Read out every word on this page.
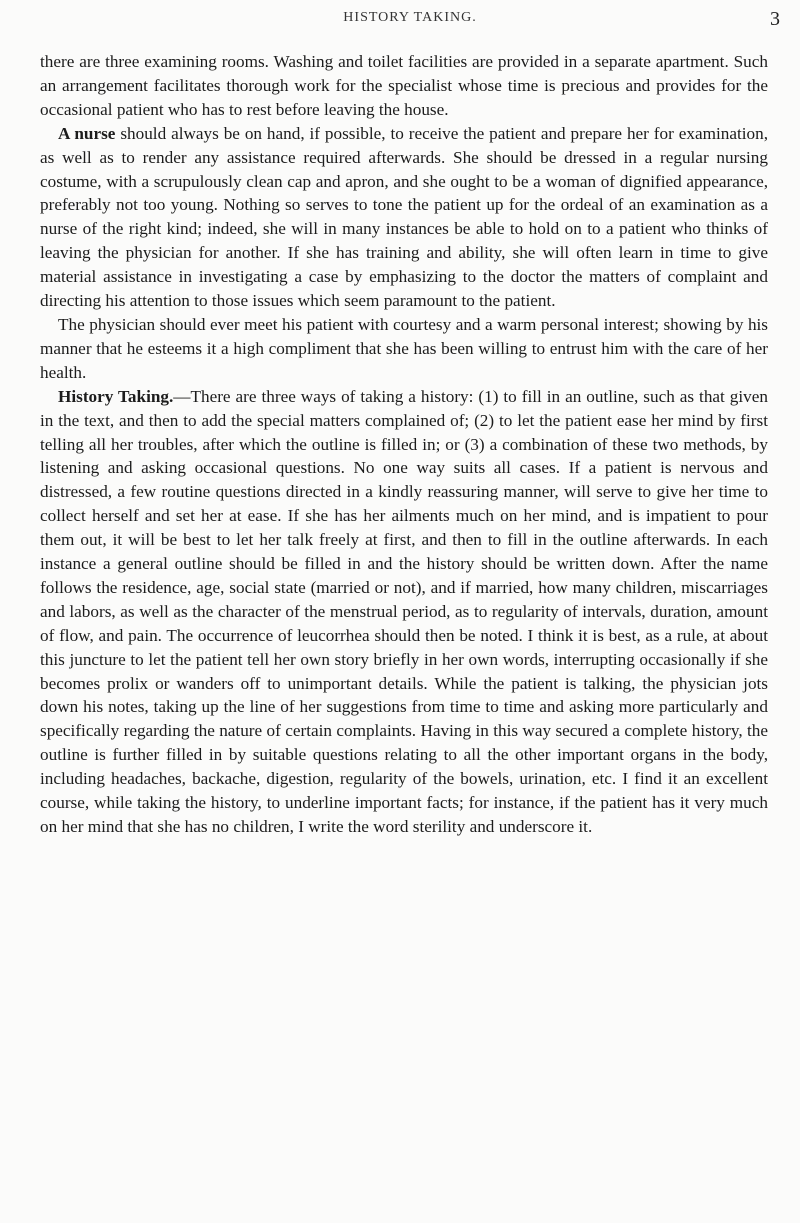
HISTORY TAKING.	3

there are three examining rooms. Washing and toilet facilities are provided in a separate apartment. Such an arrangement facilitates thorough work for the specialist whose time is precious and provides for the occasional patient who has to rest before leaving the house.

A nurse should always be on hand, if possible, to receive the patient and prepare her for examination, as well as to render any assistance required afterwards. She should be dressed in a regular nursing costume, with a scrupulously clean cap and apron, and she ought to be a woman of dignified appearance, preferably not too young. Nothing so serves to tone the patient up for the ordeal of an examination as a nurse of the right kind; indeed, she will in many instances be able to hold on to a patient who thinks of leaving the physician for another. If she has training and ability, she will often learn in time to give material assistance in investigating a case by emphasizing to the doctor the matters of complaint and directing his attention to those issues which seem paramount to the patient.

The physician should ever meet his patient with courtesy and a warm personal interest; showing by his manner that he esteems it a high compliment that she has been willing to entrust him with the care of her health.

History Taking.—There are three ways of taking a history: (1) to fill in an outline, such as that given in the text, and then to add the special matters complained of; (2) to let the patient ease her mind by first telling all her troubles, after which the outline is filled in; or (3) a combination of these two methods, by listening and asking occasional questions. No one way suits all cases. If a patient is nervous and distressed, a few routine questions directed in a kindly reassuring manner, will serve to give her time to collect herself and set her at ease. If she has her ailments much on her mind, and is impatient to pour them out, it will be best to let her talk freely at first, and then to fill in the outline afterwards. In each instance a general outline should be filled in and the history should be written down. After the name follows the residence, age, social state (married or not), and if married, how many children, miscarriages and labors, as well as the character of the menstrual period, as to regularity of intervals, duration, amount of flow, and pain. The occurrence of leucorrhea should then be noted. I think it is best, as a rule, at about this juncture to let the patient tell her own story briefly in her own words, interrupting occasionally if she becomes prolix or wanders off to unimportant details. While the patient is talking, the physician jots down his notes, taking up the line of her suggestions from time to time and asking more particularly and specifically regarding the nature of certain complaints. Having in this way secured a complete history, the outline is further filled in by suitable questions relating to all the other important organs in the body, including headaches, backache, digestion, regularity of the bowels, urination, etc. I find it an excellent course, while taking the history, to underline important facts; for instance, if the patient has it very much on her mind that she has no children, I write the word sterility and underscore it.
